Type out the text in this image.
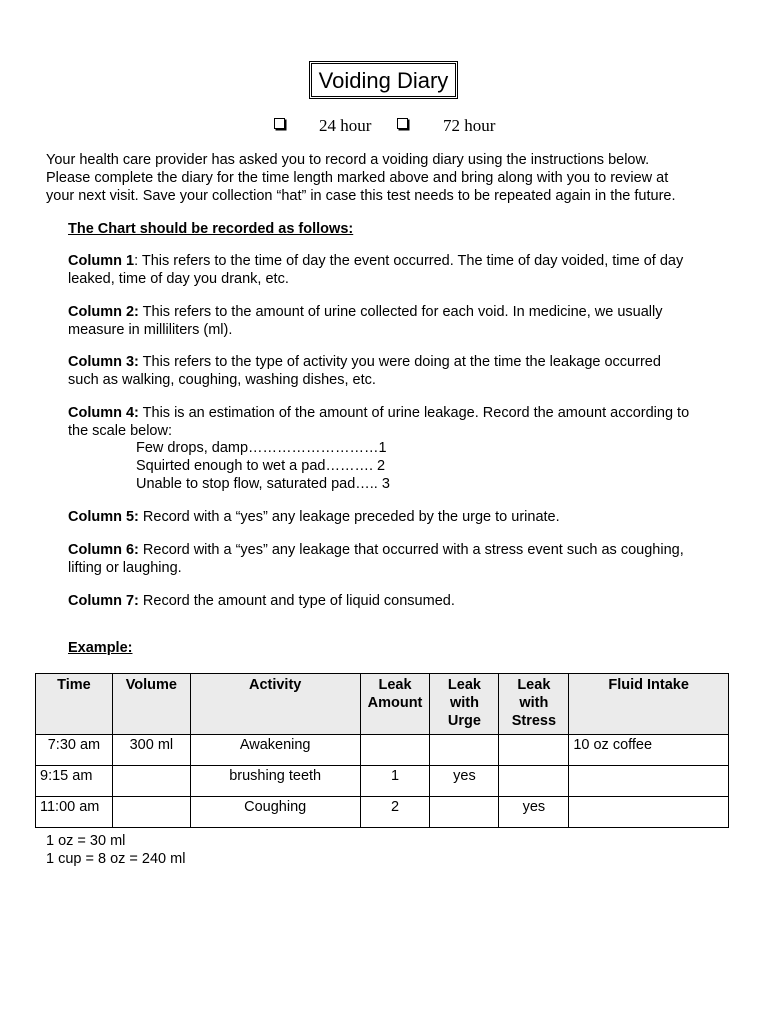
Voiding Diary
24 hour	72 hour
Your health care provider has asked you to record a voiding diary using the instructions below.
Please complete the diary for the time length marked above and bring along with you to review at
your next visit. Save your collection “hat” in case this test needs to be repeated again in the future.
The Chart should be recorded as follows:
Column 1: This refers to the time of day the event occurred. The time of day voided, time of day
leaked, time of day you drank, etc.
Column 2: This refers to the amount of urine collected for each void. In medicine, we usually
measure in milliliters (ml).
Column 3: This refers to the type of activity you were doing at the time the leakage occurred
such as walking, coughing, washing dishes, etc.
Column 4: This is an estimation of the amount of urine leakage. Record the amount according to
the scale below:
Few drops, damp………………………1
Squirted enough to wet a pad………. 2
Unable to stop flow, saturated pad….. 3
Column 5: Record with a “yes” any leakage preceded by the urge to urinate.
Column 6: Record with a “yes” any leakage that occurred with a stress event such as coughing,
lifting or laughing.
Column 7: Record the amount and type of liquid consumed.
Example:
Time	Volume	Activity	Leak Amount	Leak with Urge	Leak with Stress	Fluid Intake
7:30 am	300 ml	Awakening				10 oz coffee
9:15 am		brushing teeth	1	yes		
11:00 am		Coughing	2		yes	
1 oz = 30 ml
1 cup = 8 oz = 240 ml
